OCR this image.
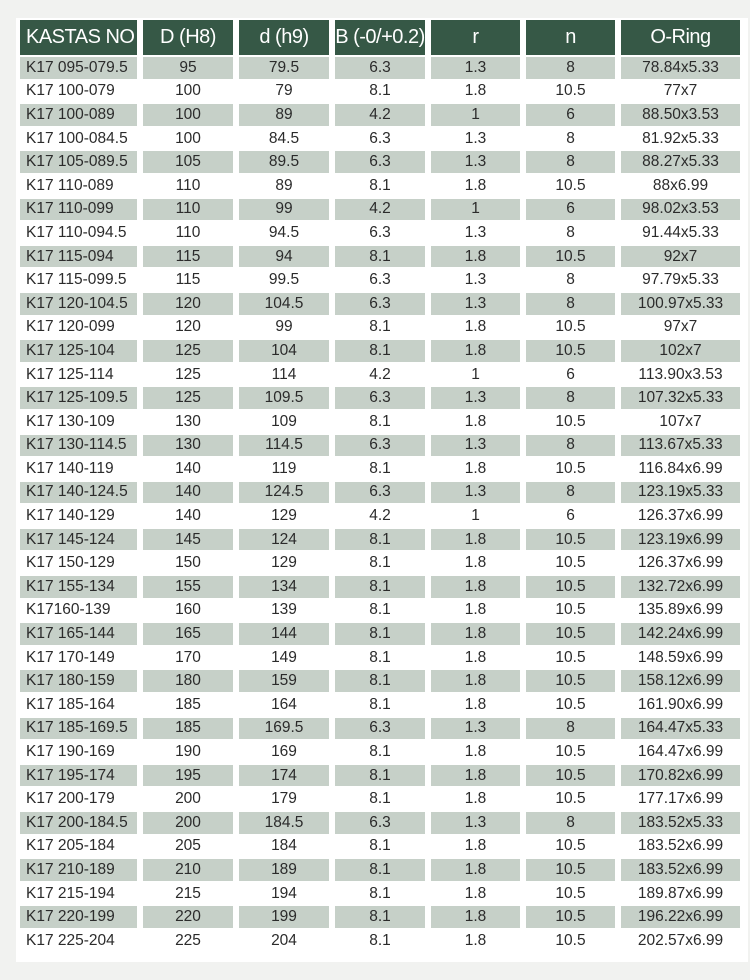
KASTAS NO	D (H8)	d (h9)	B (-0/+0.2)	r	n	O-Ring
K17 095-079.5	95	79.5	6.3	1.3	8	78.84x5.33
K17 100-079	100	79	8.1	1.8	10.5	77x7
K17 100-089	100	89	4.2	1	6	88.50x3.53
K17 100-084.5	100	84.5	6.3	1.3	8	81.92x5.33
K17 105-089.5	105	89.5	6.3	1.3	8	88.27x5.33
K17 110-089	110	89	8.1	1.8	10.5	88x6.99
K17 110-099	110	99	4.2	1	6	98.02x3.53
K17 110-094.5	110	94.5	6.3	1.3	8	91.44x5.33
K17 115-094	115	94	8.1	1.8	10.5	92x7
K17 115-099.5	115	99.5	6.3	1.3	8	97.79x5.33
K17 120-104.5	120	104.5	6.3	1.3	8	100.97x5.33
K17 120-099	120	99	8.1	1.8	10.5	97x7
K17 125-104	125	104	8.1	1.8	10.5	102x7
K17 125-114	125	114	4.2	1	6	113.90x3.53
K17 125-109.5	125	109.5	6.3	1.3	8	107.32x5.33
K17 130-109	130	109	8.1	1.8	10.5	107x7
K17 130-114.5	130	114.5	6.3	1.3	8	113.67x5.33
K17 140-119	140	119	8.1	1.8	10.5	116.84x6.99
K17 140-124.5	140	124.5	6.3	1.3	8	123.19x5.33
K17 140-129	140	129	4.2	1	6	126.37x6.99
K17 145-124	145	124	8.1	1.8	10.5	123.19x6.99
K17 150-129	150	129	8.1	1.8	10.5	126.37x6.99
K17 155-134	155	134	8.1	1.8	10.5	132.72x6.99
K17160-139	160	139	8.1	1.8	10.5	135.89x6.99
K17 165-144	165	144	8.1	1.8	10.5	142.24x6.99
K17 170-149	170	149	8.1	1.8	10.5	148.59x6.99
K17 180-159	180	159	8.1	1.8	10.5	158.12x6.99
K17 185-164	185	164	8.1	1.8	10.5	161.90x6.99
K17 185-169.5	185	169.5	6.3	1.3	8	164.47x5.33
K17 190-169	190	169	8.1	1.8	10.5	164.47x6.99
K17 195-174	195	174	8.1	1.8	10.5	170.82x6.99
K17 200-179	200	179	8.1	1.8	10.5	177.17x6.99
K17 200-184.5	200	184.5	6.3	1.3	8	183.52x5.33
K17 205-184	205	184	8.1	1.8	10.5	183.52x6.99
K17 210-189	210	189	8.1	1.8	10.5	183.52x6.99
K17 215-194	215	194	8.1	1.8	10.5	189.87x6.99
K17 220-199	220	199	8.1	1.8	10.5	196.22x6.99
K17 225-204	225	204	8.1	1.8	10.5	202.57x6.99
